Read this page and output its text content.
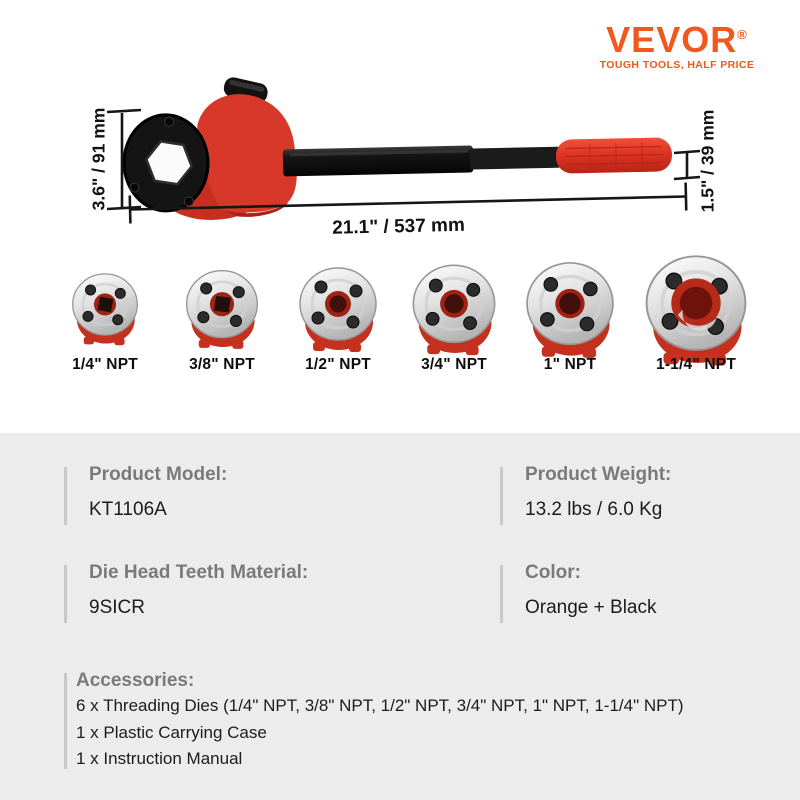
VEVOR®
TOUGH TOOLS, HALF PRICE
3.6" / 91 mm
21.1" / 537 mm
1.5" / 39 mm
1/4" NPT	3/8" NPT	1/2" NPT	3/4" NPT	1" NPT	1-1/4" NPT
Product Model:
KT1106A
Product Weight:
13.2 lbs / 6.0 Kg
Die Head Teeth Material:
9SICR
Color:
Orange + Black
Accessories:
6 x Threading Dies (1/4" NPT, 3/8" NPT, 1/2" NPT, 3/4" NPT, 1" NPT, 1-1/4" NPT)
1 x Plastic Carrying Case
1 x Instruction Manual
